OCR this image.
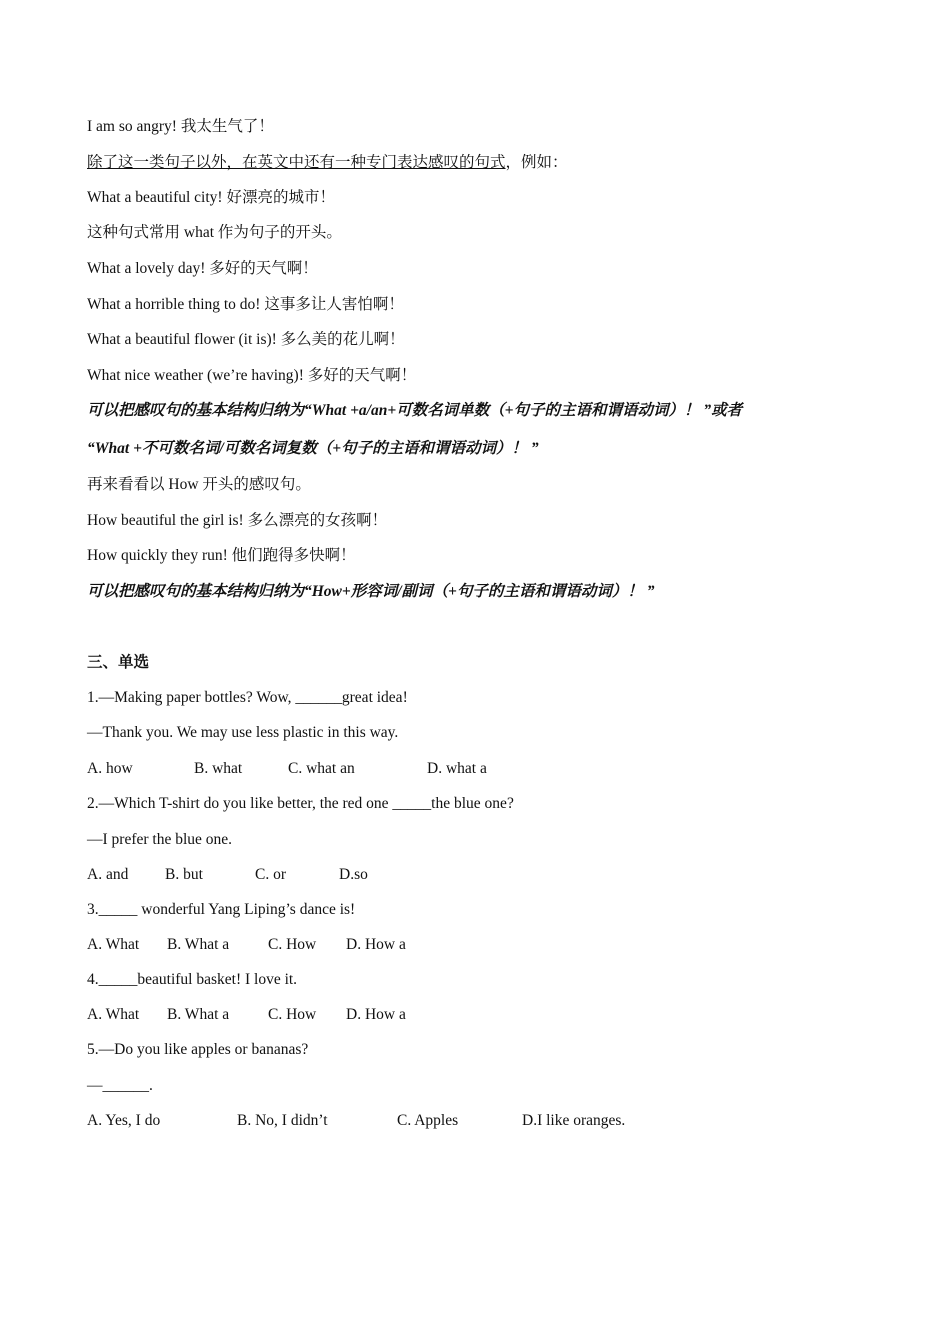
I am so angry! 我太生气了！
除了这一类句子以外，在英文中还有一种专门表达感叹的句式，例如：
What a beautiful city! 好漂亮的城市！
这种句式常用 what 作为句子的开头。
What a lovely day! 多好的天气啊！
What a horrible thing to do! 这事多让人害怕啊！
What a beautiful flower (it is)! 多么美的花儿啊！
What nice weather (we’re having)! 多好的天气啊！
可以把感叹句的基本结构归纳为“What +a/an+可数名词单数（+句子的主语和谓语动词）！ ”或者
“What +不可数名词/可数名词复数（+句子的主语和谓语动词）！ ”
再来看看以 How 开头的感叹句。
How beautiful the girl is! 多么漂亮的女孩啊！
How quickly they run! 他们跑得多快啊！
可以把感叹句的基本结构归纳为“How+形容词/副词（+句子的主语和谓语动词）！ ”
三、单选
1.—Making paper bottles? Wow, ______great idea!
—Thank you. We may use less plastic in this way.
A. how	B. what	C. what an	D. what a
2.—Which T-shirt do you like better, the red one _____the blue one?
—I prefer the blue one.
A. and B. but	C. or	D.so
3._____ wonderful Yang Liping’s dance is!
A. What B. What a	C. How D. How a
4._____beautiful basket! I love it.
A. What B. What a	C. How D. How a
5.—Do you like apples or bananas?
—______.
A. Yes, I do	B. No, I didn’t	C. Apples	D.I like oranges.
